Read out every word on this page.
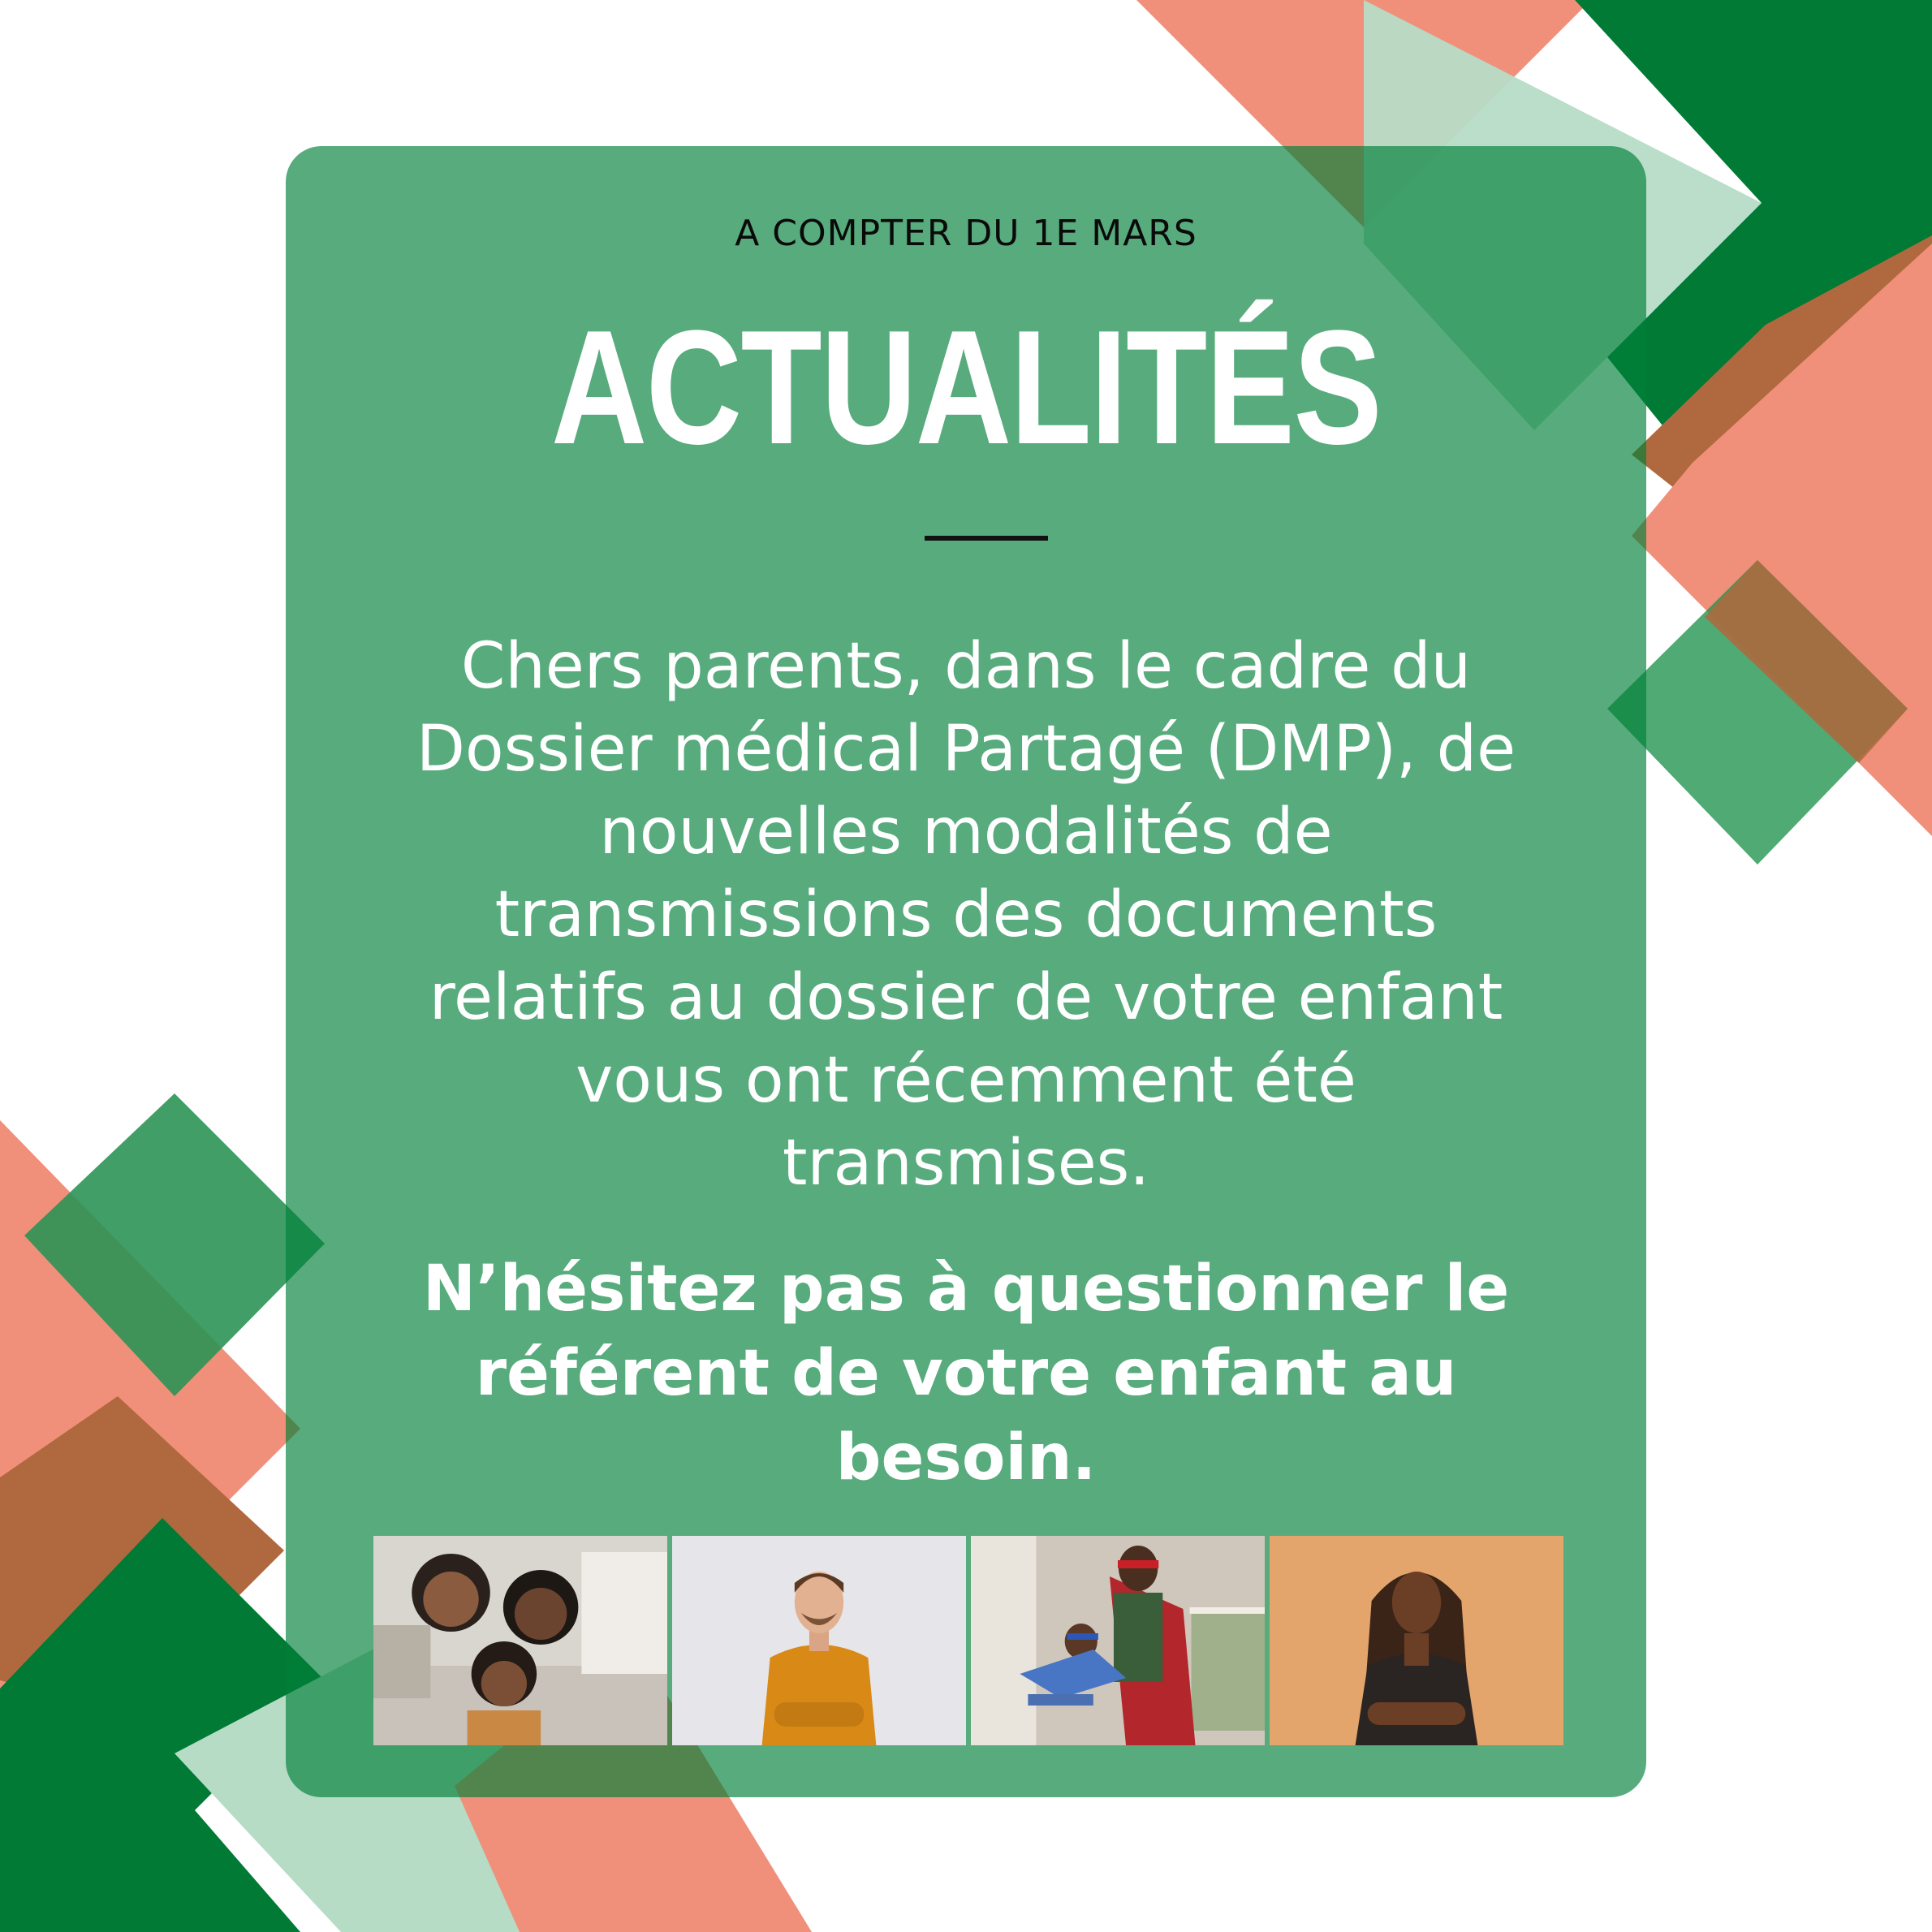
A COMPTER DU 1E MARS
ACTUALITÉS
Chers parents, dans le cadre du
Dossier médical Partagé (DMP), de
nouvelles modalités de
transmissions des documents
relatifs au dossier de votre enfant
vous ont récemment été
transmises.
N’hésitez pas à questionner le
référent de votre enfant au
besoin.
